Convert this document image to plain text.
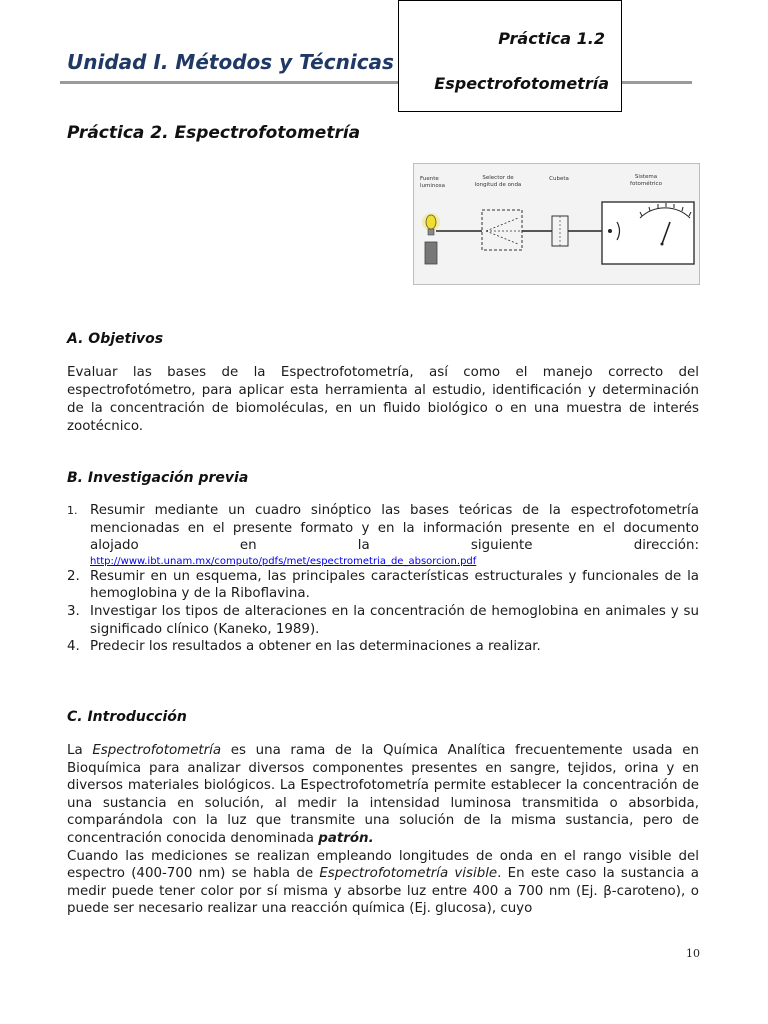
Unidad I. Métodos y Técnicas
Práctica 1.2
Espectrofotometría
Práctica 2. Espectrofotometría
Fuente
luminosa
Selector de
longitud de onda
Cubeta	Sistema
fotométrico
A. Objetivos
Evaluar las bases de la Espectrofotometría, así como el manejo correcto del espectrofotómetro, para aplicar esta herramienta al estudio, identificación y determinación de la concentración de biomoléculas, en un fluido biológico o en una muestra de interés zootécnico.
B. Investigación previa
1. Resumir mediante un cuadro sinóptico las bases teóricas de la espectrofotometría mencionadas en el presente formato y en la información presente en el documento alojado en la siguiente dirección:
http://www.ibt.unam.mx/computo/pdfs/met/espectrometria_de_absorcion.pdf
2. Resumir en un esquema, las principales características estructurales y funcionales de la hemoglobina y de la Riboflavina.
3. Investigar los tipos de alteraciones en la concentración de hemoglobina en animales y su significado clínico (Kaneko, 1989).
4. Predecir los resultados a obtener en las determinaciones a realizar.
C. Introducción
La Espectrofotometría es una rama de la Química Analítica frecuentemente usada en Bioquímica para analizar diversos componentes presentes en sangre, tejidos, orina y en diversos materiales biológicos. La Espectrofotometría permite establecer la concentración de una sustancia en solución, al medir la intensidad luminosa transmitida o absorbida, comparándola con la luz que transmite una solución de la misma sustancia, pero de concentración conocida denominada patrón.
Cuando las mediciones se realizan empleando longitudes de onda en el rango visible del espectro (400-700 nm) se habla de Espectrofotometría visible. En este caso la sustancia a medir puede tener color por sí misma y absorbe luz entre 400 a 700 nm (Ej. β-caroteno), o puede ser necesario realizar una reacción química (Ej. glucosa), cuyo
10
